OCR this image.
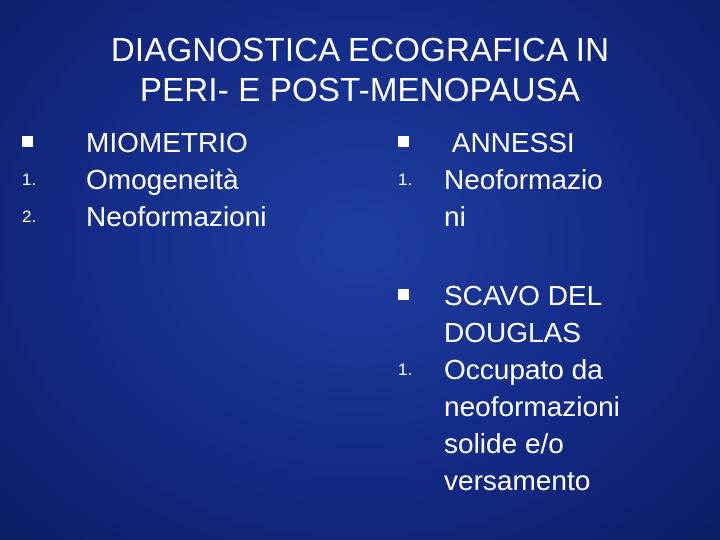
DIAGNOSTICA ECOGRAFICA IN
PERI- E POST-MENOPAUSA
MIOMETRIO
1.	Omogeneità
2.	Neoformazioni
ANNESSI
1.	Neoformazio
ni
SCAVO DEL
DOUGLAS
1.	Occupato da
neoformazioni
solide e/o
versamento
